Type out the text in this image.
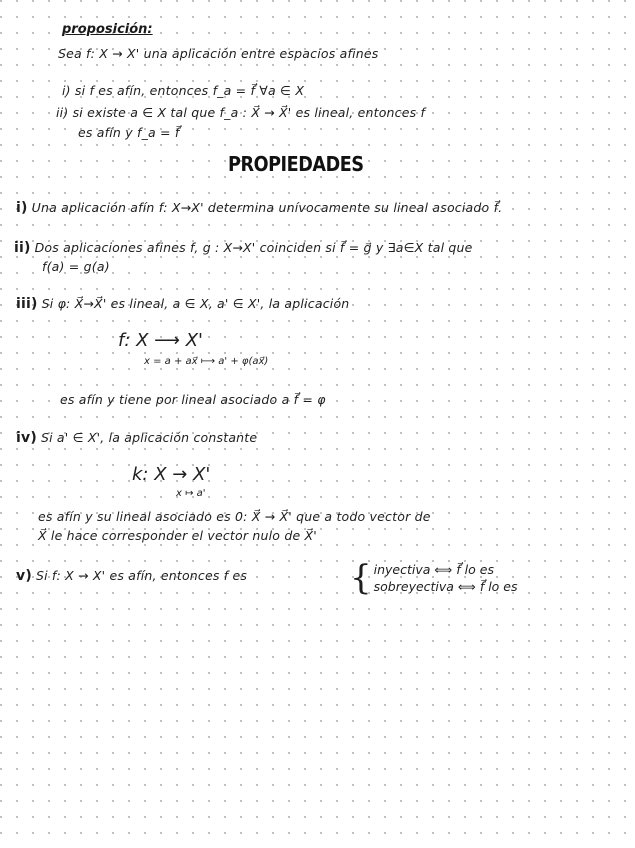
proposición:
Sea f: X → X' una aplicación entre espacios afines
i) si f es afín, entonces f_a = f⃗ ∀a ∈ X
ii) si existe a ∈ X tal que f_a : X⃗ → X⃗' es lineal, entonces f
es afín y f_a = f⃗
PROPIEDADES
i) Una aplicación afín f: X→X' determina unívocamente su lineal asociado f⃗.
ii) Dos aplicaciones afines f, g : X→X' coinciden si f⃗ = g⃗ y ∃a∈X tal que
f(a) = g(a)
iii) Si φ: X⃗→X⃗' es lineal, a ∈ X, a' ∈ X', la aplicación
f: X ⟶ X'
x = a + ax⃗ ⟼ a' + φ(ax⃗)
es afín y tiene por lineal asociado a f⃗ = φ
iv) Si a' ∈ X', la aplicación constante
k: X → X'
x ↦ a'
es afín y su lineal asociado es 0: X⃗ → X⃗' que a todo vector de
X⃗ le hace corresponder el vector nulo de X⃗'
v) Si f: X → X' es afín, entonces f es	{ inyectiva ⟺ f⃗ lo es
sobreyectiva ⟺ f⃗ lo es
